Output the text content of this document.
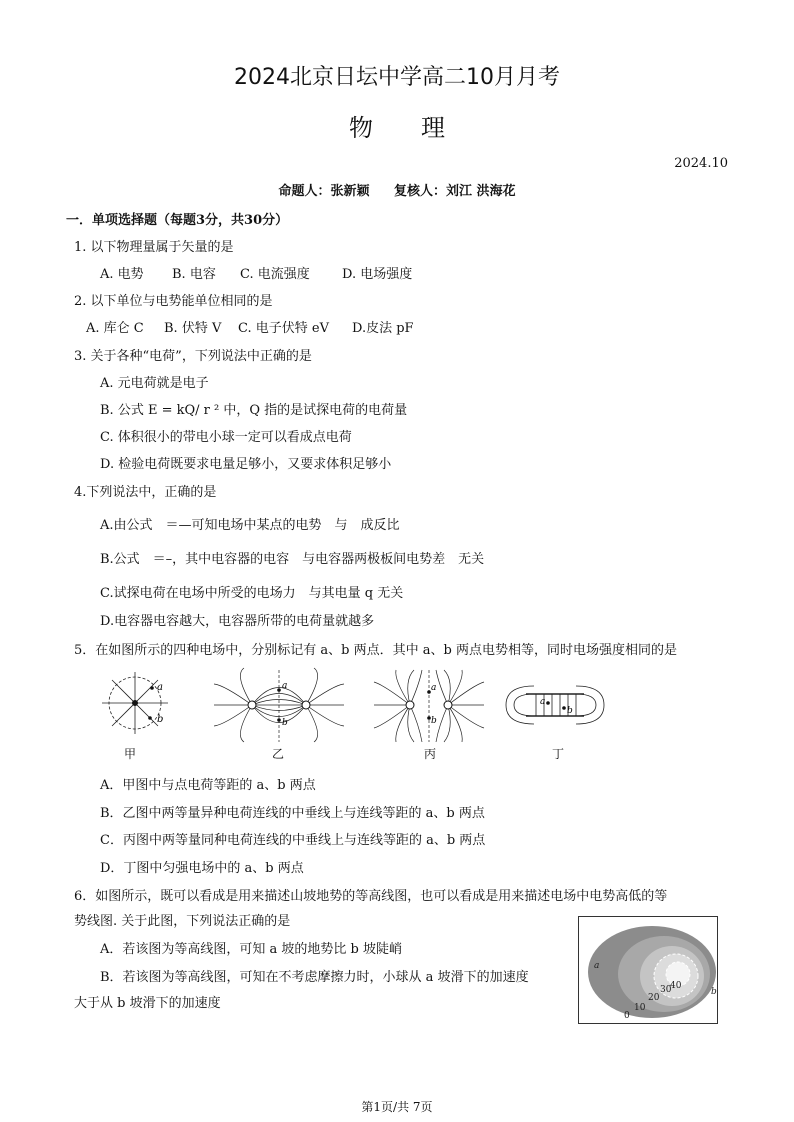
2024北京日坛中学高二10月月考
物理
2024.10
命题人：张新颖 复核人：刘江 洪海花
一．单项选择题（每题3分，共30分）
1. 以下物理量属于矢量的是
A. 电势 B. 电容 C. 电流强度 D. 电场强度
2. 以下单位与电势能单位相同的是
A. 库仑 C B. 伏特 V C. 电子伏特 eV D.皮法 pF
3. 关于各种“电荷”，下列说法中正确的是
A. 元电荷就是电子
B. 公式 E = kQ/ r ² 中，Q 指的是试探电荷的电荷量
C. 体积很小的带电小球一定可以看成点电荷
D. 检验电荷既要求电量足够小，又要求体积足够小
4.下列说法中，正确的是
A.由公式　＝—可知电场中某点的电势　与　成反比
B.公式　＝–，其中电容器的电容　与电容器两极板间电势差　无关
C.试探电荷在电场中所受的电场力　与其电量 q 无关
D.电容器电容越大，电容器所带的电荷量就越多
5．在如图所示的四种电场中，分别标记有 a、b 两点．其中 a、b 两点电势相等，同时电场强度相同的是
a
b
甲
a
b
乙
a
b
丙
a
b
丁
A．甲图中与点电荷等距的 a、b 两点
B．乙图中两等量异种电荷连线的中垂线上与连线等距的 a、b 两点
C．丙图中两等量同种电荷连线的中垂线上与连线等距的 a、b 两点
D．丁图中匀强电场中的 a、b 两点
6．如图所示，既可以看成是用来描述山坡地势的等高线图，也可以看成是用来描述电场中电势高低的等
势线图. 关于此图，下列说法正确的是
A．若该图为等高线图，可知 a 坡的地势比 b 坡陡峭
B．若该图为等高线图，可知在不考虑摩擦力时，小球从 a 坡滑下的加速度
大于从 b 坡滑下的加速度
0
10
20
30
40
a
b
第1页/共 7页
